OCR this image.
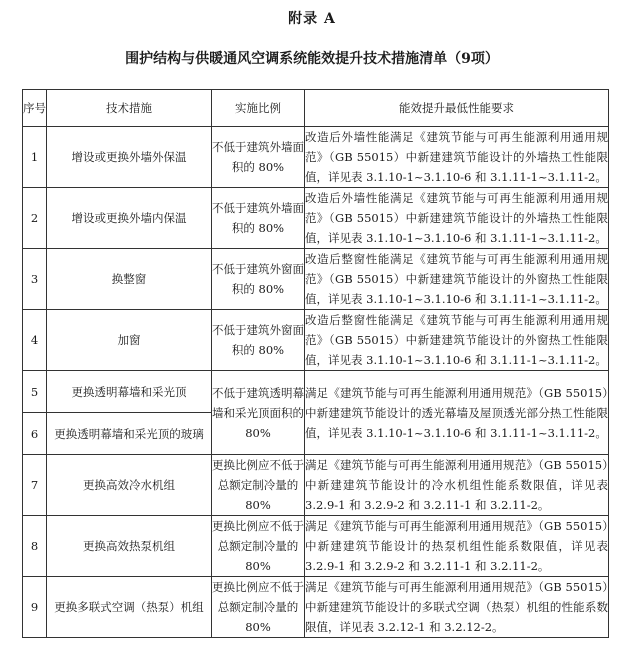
附录 A
围护结构与供暖通风空调系统能效提升技术措施清单（9项）
序号	技术措施	实施比例	能效提升最低性能要求
1	增设或更换外墙外保温	不低于建筑外墙面积的 80%	改造后外墙性能满足《建筑节能与可再生能源利用通用规范》（GB 55015）中新建建筑节能设计的外墙热工性能限值，详见表 3.1.10-1~3.1.10-6 和 3.1.11-1~3.1.11-2。
2	增设或更换外墙内保温	不低于建筑外墙面积的 80%	改造后外墙性能满足《建筑节能与可再生能源利用通用规范》（GB 55015）中新建建筑节能设计的外墙热工性能限值，详见表 3.1.10-1~3.1.10-6 和 3.1.11-1~3.1.11-2。
3	换整窗	不低于建筑外窗面积的 80%	改造后整窗性能满足《建筑节能与可再生能源利用通用规范》（GB 55015）中新建建筑节能设计的外窗热工性能限值，详见表 3.1.10-1~3.1.10-6 和 3.1.11-1~3.1.11-2。
4	加窗	不低于建筑外窗面积的 80%	改造后整窗性能满足《建筑节能与可再生能源利用通用规范》（GB 55015）中新建建筑节能设计的外窗热工性能限值，详见表 3.1.10-1~3.1.10-6 和 3.1.11-1~3.1.11-2。
5	更换透明幕墙和采光顶	不低于建筑透明幕墙和采光顶面积的 80%	满足《建筑节能与可再生能源利用通用规范》（GB 55015）中新建建筑节能设计的透光幕墙及屋顶透光部分热工性能限值，详见表 3.1.10-1~3.1.10-6 和 3.1.11-1~3.1.11-2。
6	更换透明幕墙和采光顶的玻璃		
7	更换高效冷水机组	更换比例应不低于总额定制冷量的 80%	满足《建筑节能与可再生能源利用通用规范》（GB 55015）中新建建筑节能设计的冷水机组性能系数限值，详见表 3.2.9-1 和 3.2.9-2 和 3.2.11-1 和 3.2.11-2。
8	更换高效热泵机组	更换比例应不低于总额定制冷量的 80%	满足《建筑节能与可再生能源利用通用规范》（GB 55015）中新建建筑节能设计的热泵机组性能系数限值，详见表 3.2.9-1 和 3.2.9-2 和 3.2.11-1 和 3.2.11-2。
9	更换多联式空调（热泵）机组	更换比例应不低于总额定制冷量的 80%	满足《建筑节能与可再生能源利用通用规范》（GB 55015）中新建建筑节能设计的多联式空调（热泵）机组的性能系数限值，详见表 3.2.12-1 和 3.2.12-2。
